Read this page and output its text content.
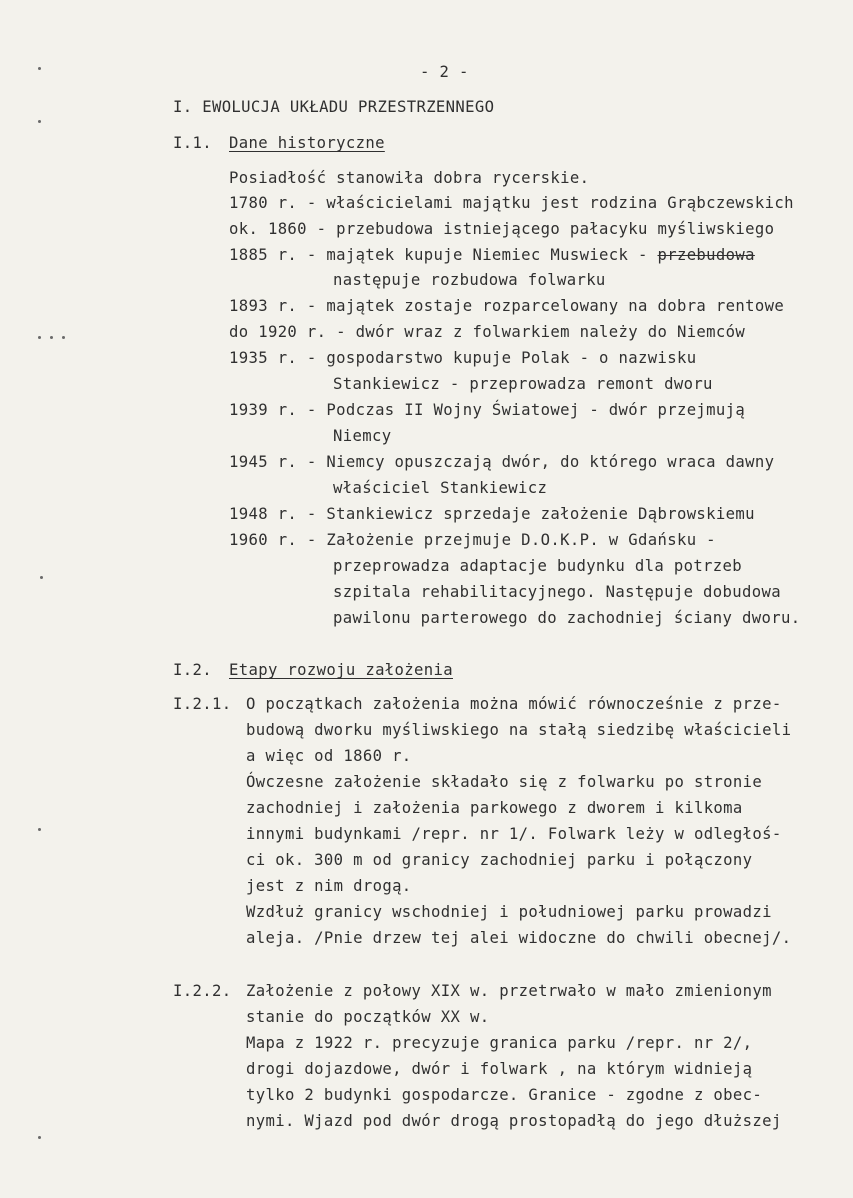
- 2 -
I. EWOLUCJA UKŁADU PRZESTRZENNEGO
I.1. Dane historyczne
Posiadłość stanowiła dobra rycerskie.
1780 r. - właścicielami majątku jest rodzina Grąbczewskich
ok. 1860 - przebudowa istniejącego pałacyku myśliwskiego
1885 r. - majątek kupuje Niemiec Muswieck - przebudowa
następuje rozbudowa folwarku
1893 r. - majątek zostaje rozparcelowany na dobra rentowe
do 1920 r. - dwór wraz z folwarkiem należy do Niemców
1935 r. - gospodarstwo kupuje Polak - o nazwisku
Stankiewicz - przeprowadza remont dworu
1939 r. - Podczas II Wojny Światowej - dwór przejmują
Niemcy
1945 r. - Niemcy opuszczają dwór, do którego wraca dawny
właściciel Stankiewicz
1948 r. - Stankiewicz sprzedaje założenie Dąbrowskiemu
1960 r. - Założenie przejmuje D.O.K.P. w Gdańsku -
przeprowadza adaptacje budynku dla potrzeb
szpitala rehabilitacyjnego. Następuje dobudowa
pawilonu parterowego do zachodniej ściany dworu.
I.2. Etapy rozwoju założenia
I.2.1. O początkach założenia można mówić równocześnie z prze-
budową dworku myśliwskiego na stałą siedzibę właścicieli
a więc od 1860 r.
Ówczesne założenie składało się z folwarku po stronie
zachodniej i założenia parkowego z dworem i kilkoma
innymi budynkami /repr. nr 1/. Folwark leży w odległoś-
ci ok. 300 m od granicy zachodniej parku i połączony
jest z nim drogą.
Wzdłuż granicy wschodniej i południowej parku prowadzi
aleja. /Pnie drzew tej alei widoczne do chwili obecnej/.
I.2.2. Założenie z połowy XIX w. przetrwało w mało zmienionym
stanie do początków XX w.
Mapa z 1922 r. precyzuje granica parku /repr. nr 2/,
drogi dojazdowe, dwór i folwark , na którym widnieją
tylko 2 budynki gospodarcze. Granice - zgodne z obec-
nymi. Wjazd pod dwór drogą prostopadłą do jego dłuższej
